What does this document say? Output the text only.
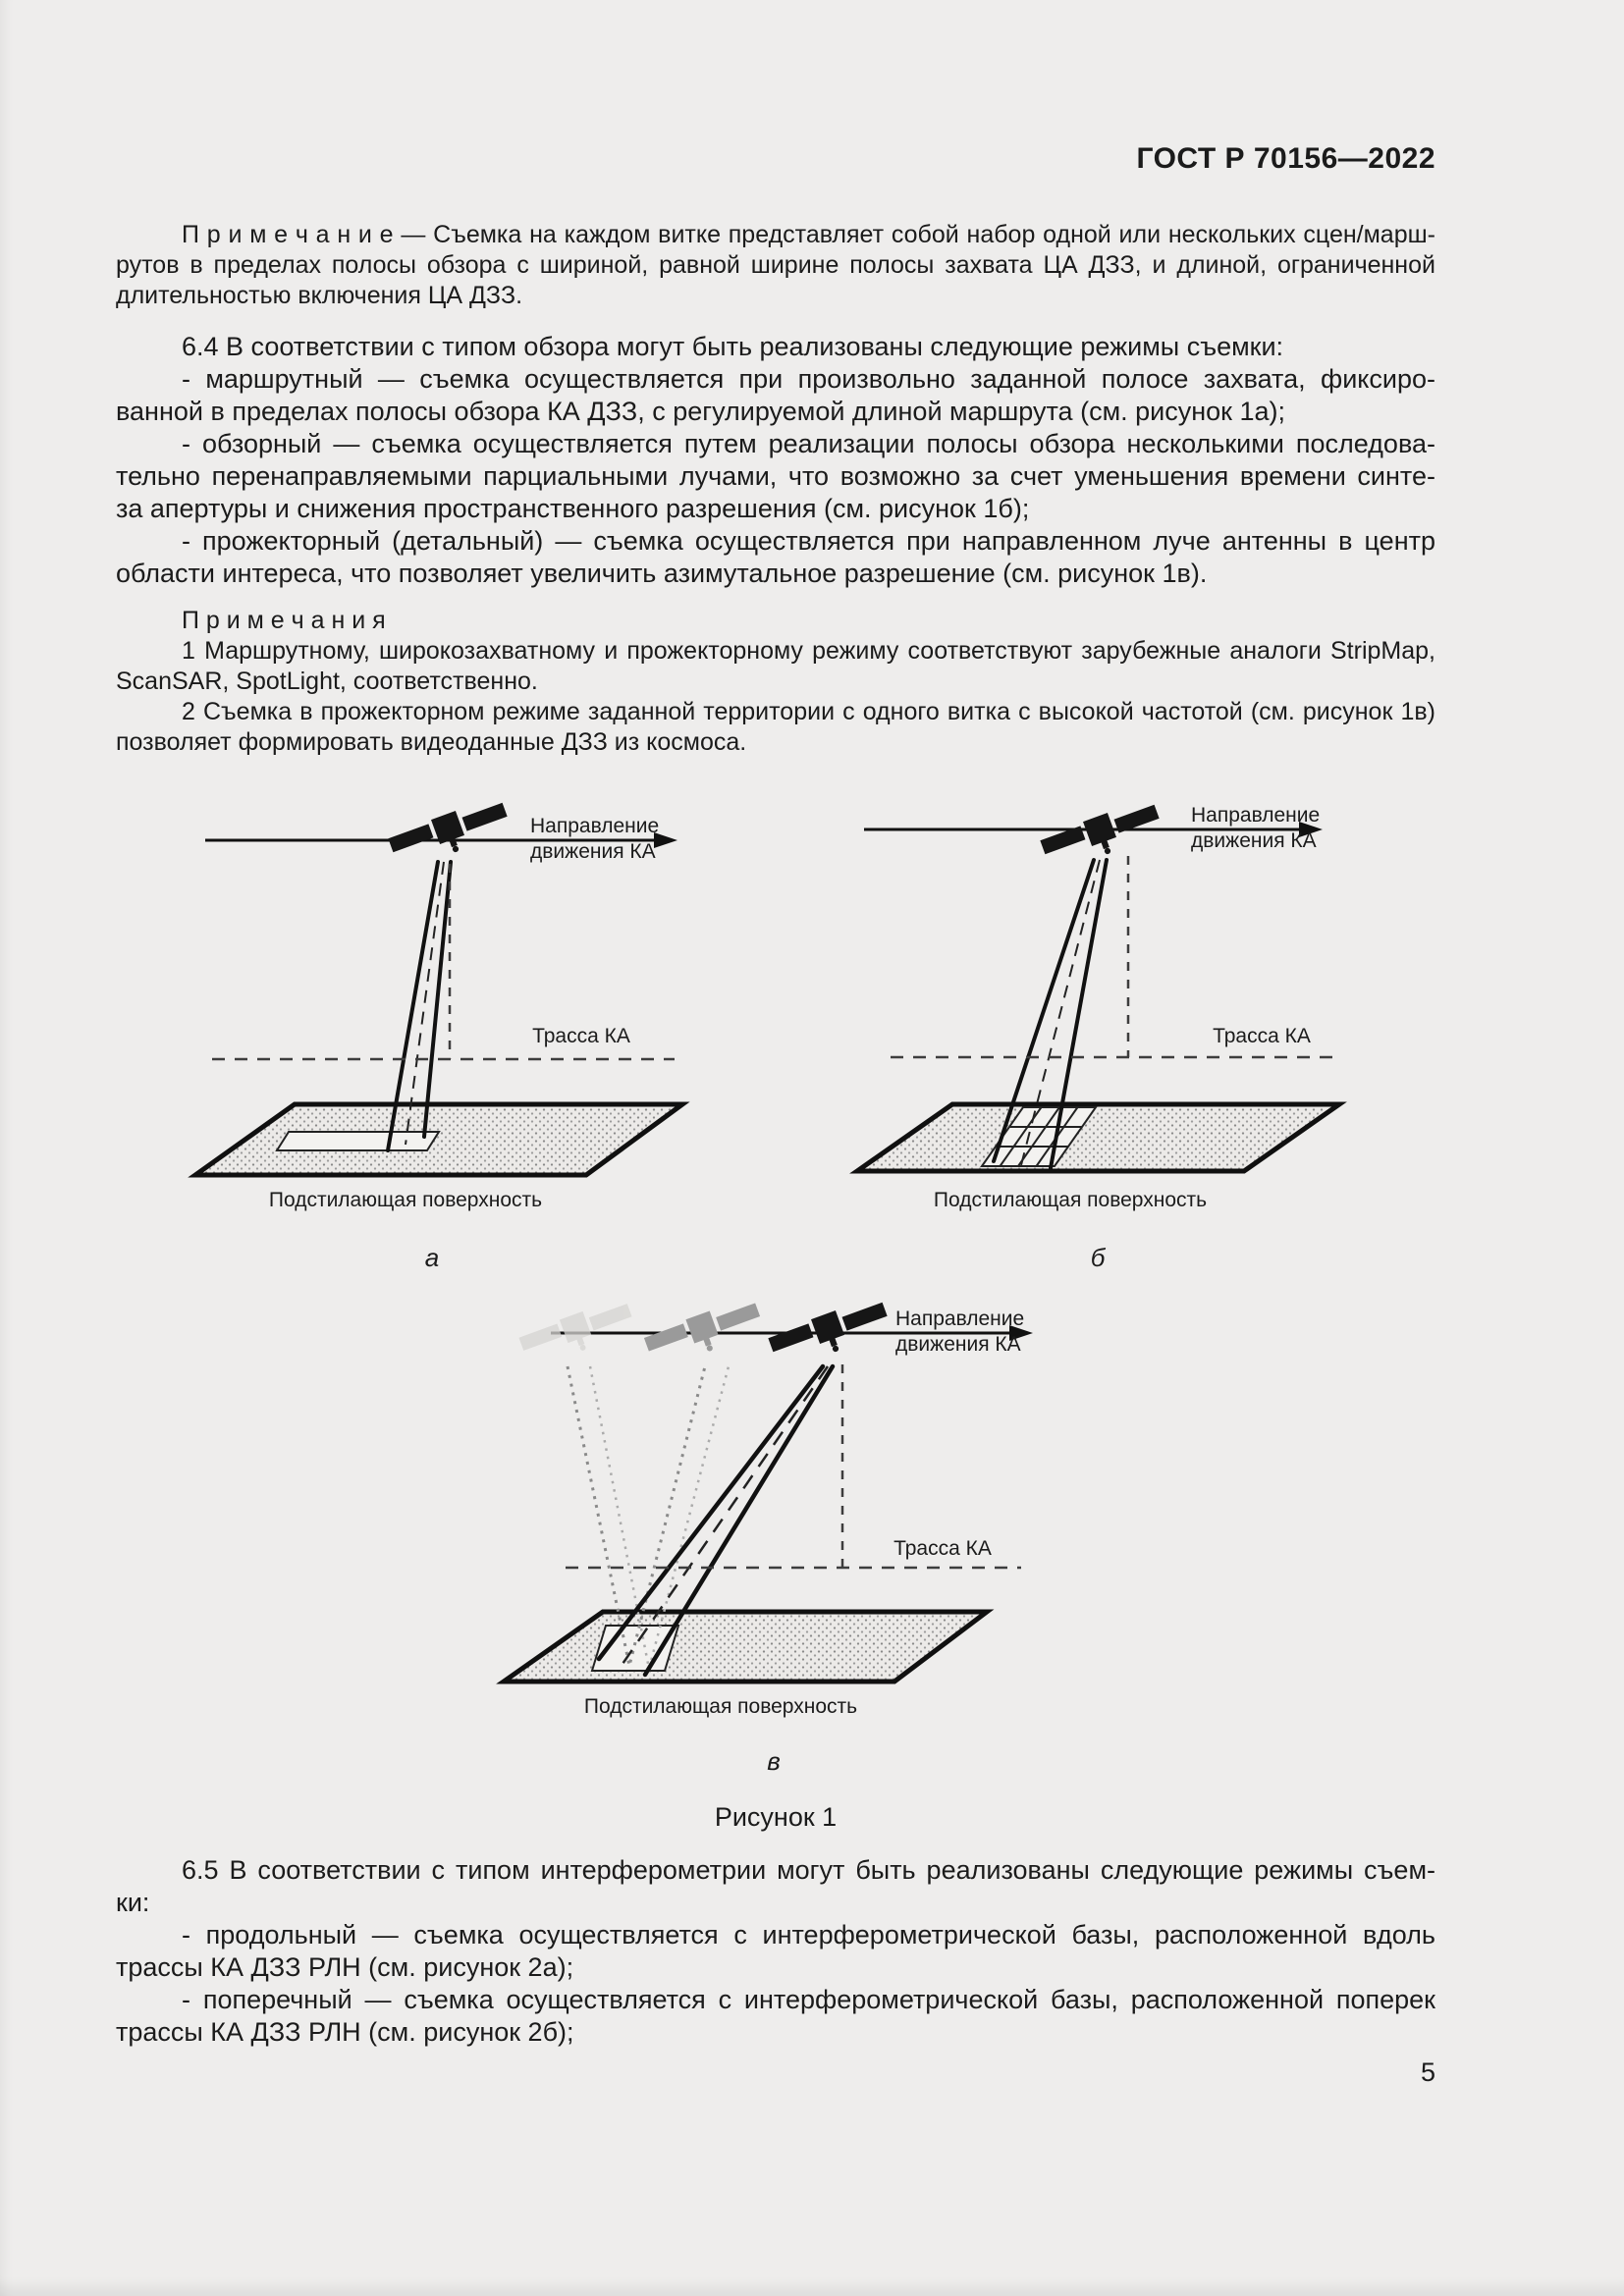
ГОСТ Р 70156—2022
П р и м е ч а н и е — Съемка на каждом витке представляет собой набор одной или нескольких сцен/марш-
рутов в пределах полосы обзора с шириной, равной ширине полосы захвата ЦА ДЗЗ, и длиной, ограниченной
длительностью включения ЦА ДЗЗ.
6.4 В соответствии с типом обзора могут быть реализованы следующие режимы съемки:
- маршрутный — съемка осуществляется при произвольно заданной полосе захвата, фиксиро-
ванной в пределах полосы обзора КА ДЗЗ, с регулируемой длиной маршрута (см. рисунок 1а);
- обзорный — съемка осуществляется путем реализации полосы обзора несколькими последова-
тельно перенаправляемыми парциальными лучами, что возможно за счет уменьшения времени синте-
за апертуры и снижения пространственного разрешения (см. рисунок 1б);
- прожекторный (детальный) — съемка осуществляется при направленном луче антенны в центр
области интереса, что позволяет увеличить азимутальное разрешение (см. рисунок 1в).
П р и м е ч а н и я
1 Маршрутному, широкозахватному и прожекторному режиму соответствуют зарубежные аналоги StripMap,
ScanSAR, SpotLight, соответственно.
2 Съемка в прожекторном режиме заданной территории с одного витка с высокой частотой (см. рисунок 1в)
позволяет формировать видеоданные ДЗЗ из космоса.
6.5 В соответствии с типом интерферометрии могут быть реализованы следующие режимы съем-
ки:
- продольный — съемка осуществляется с интерферометрической базы, расположенной вдоль
трассы КА ДЗЗ РЛН (см. рисунок 2а);
- поперечный — съемка осуществляется с интерферометрической базы, расположенной поперек
трассы КА ДЗЗ РЛН (см. рисунок 2б);
Направление
движения КА
Трасса КА
Подстилающая поверхность
а
Направление
движения КА
Трасса КА
Подстилающая поверхность
б
Направление
движения КА
Трасса КА
Подстилающая поверхность
в
Рисунок 1
5
